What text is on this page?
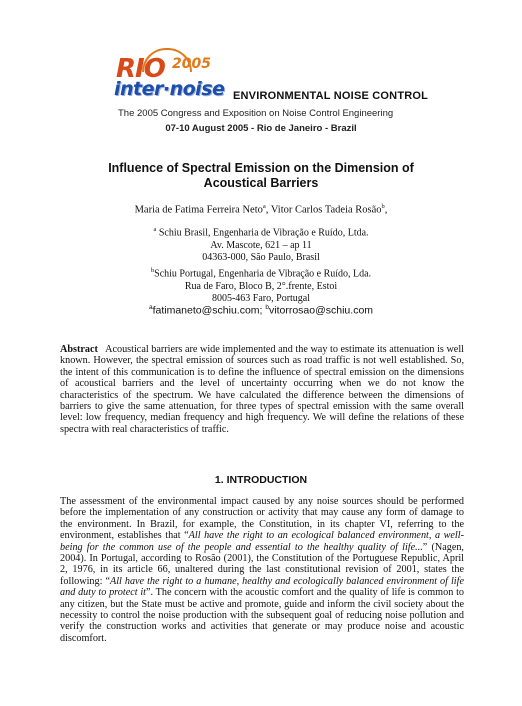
RIO 2005
inter·noise ENVIRONMENTAL NOISE CONTROL
The 2005 Congress and Exposition on Noise Control Engineering
07-10 August 2005 - Rio de Janeiro - Brazil
Influence of Spectral Emission on the Dimension of
Acoustical Barriers
Maria de Fatima Ferreira Neto$^a$, Vitor Carlos Tadeia Rosão$^b$,
$^a$ Schiu Brasil, Engenharia de Vibração e Ruído, Ltda.
Av. Mascote, 621 – ap 11
04363-000, São Paulo, Brasil
$^b$Schiu Portugal, Engenharia de Vibração e Ruído, Lda.
Rua de Faro, Bloco B, 2°.frente, Estoi
8005-463 Faro, Portugal
$^a$fatimaneto@schiu.com; $^b$vitorrosao@schiu.com
Abstract Acoustical barriers are wide implemented and the way to estimate its attenuation is well known. However, the spectral emission of sources such as road traffic is not well established. So, the intent of this communication is to define the influence of spectral emission on the dimensions of acoustical barriers and the level of uncertainty occurring when we do not know the characteristics of the spectrum. We have calculated the difference between the dimensions of barriers to give the same attenuation, for three types of spectral emission with the same overall level: low frequency, median frequency and high frequency. We will define the relations of these spectra with real characteristics of traffic.
1. INTRODUCTION
The assessment of the environmental impact caused by any noise sources should be performed before the implementation of any construction or activity that may cause any form of damage to the environment. In Brazil, for example, the Constitution, in its chapter VI, referring to the environment, establishes that “All have the right to an ecological balanced environment, a well-being for the common use of the people and essential to the healthy quality of life...” (Nagen, 2004). In Portugal, according to Rosão (2001), the Constitution of the Portuguese Republic, April 2, 1976, in its article 66, unaltered during the last constitutional revision of 2001, states the following: “All have the right to a humane, healthy and ecologically balanced environment of life and duty to protect it”. The concern with the acoustic comfort and the quality of life is common to any citizen, but the State must be active and promote, guide and inform the civil society about the necessity to control the noise production with the subsequent goal of reducing noise pollution and verify the construction works and activities that generate or may produce noise and acoustic discomfort.
